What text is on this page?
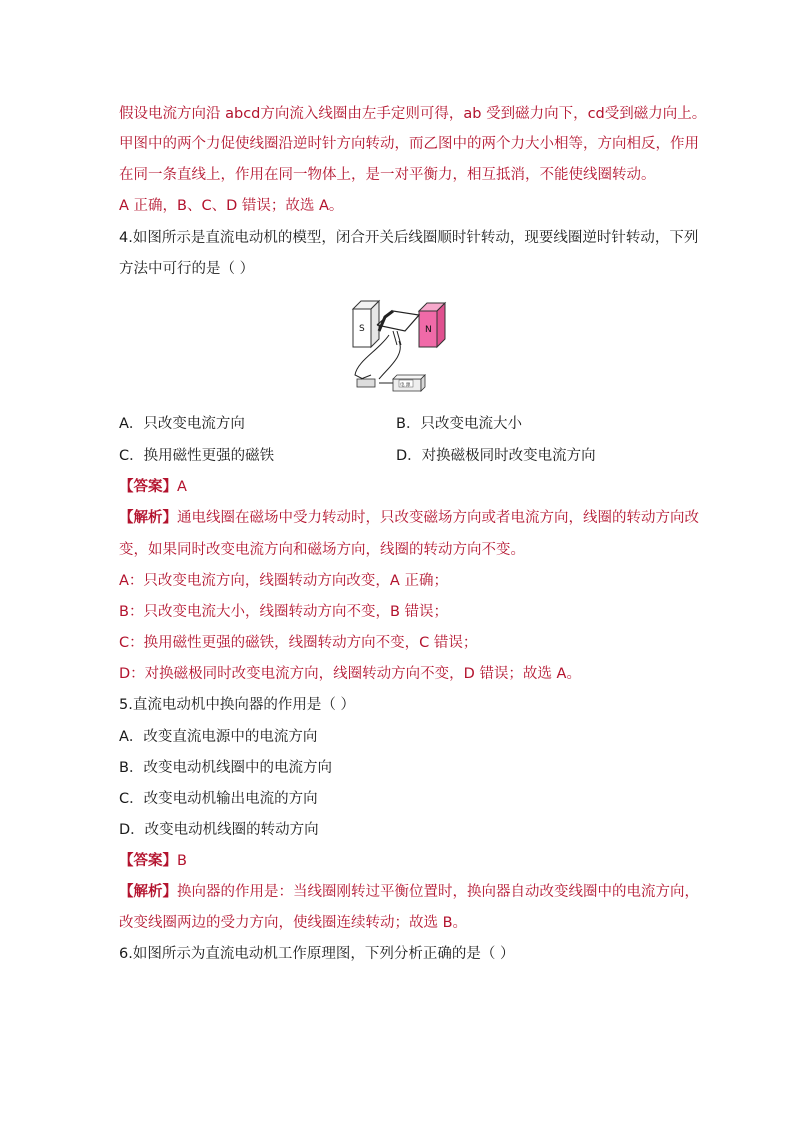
假设电流方向沿 abcd方向流入线圈由左手定则可得，ab 受到磁力向下，cd受到磁力向上。
甲图中的两个力促使线圈沿逆时针方向转动，而乙图中的两个力大小相等，方向相反，作用
在同一条直线上，作用在同一物体上，是一对平衡力，相互抵消，不能使线圈转动。
A 正确，B、C、D 错误；故选 A。
4.如图所示是直流电动机的模型，闭合开关后线圈顺时针转动，现要线圈逆时针转动，下列
方法中可行的是（ ）
S	N
电 源
A．只改变电流方向	B．只改变电流大小
C．换用磁性更强的磁铁	D．对换磁极同时改变电流方向
【答案】A
【解析】通电线圈在磁场中受力转动时，只改变磁场方向或者电流方向，线圈的转动方向改
变，如果同时改变电流方向和磁场方向，线圈的转动方向不变。
A：只改变电流方向，线圈转动方向改变，A 正确；
B：只改变电流大小，线圈转动方向不变，B 错误；
C：换用磁性更强的磁铁，线圈转动方向不变，C 错误；
D：对换磁极同时改变电流方向，线圈转动方向不变，D 错误；故选 A。
5.直流电动机中换向器的作用是（ ）
A．改变直流电源中的电流方向
B．改变电动机线圈中的电流方向
C．改变电动机输出电流的方向
D．改变电动机线圈的转动方向
【答案】B
【解析】换向器的作用是：当线圈刚转过平衡位置时，换向器自动改变线圈中的电流方向，
改变线圈两边的受力方向，使线圈连续转动；故选 B。
6.如图所示为直流电动机工作原理图，下列分析正确的是（ ）
